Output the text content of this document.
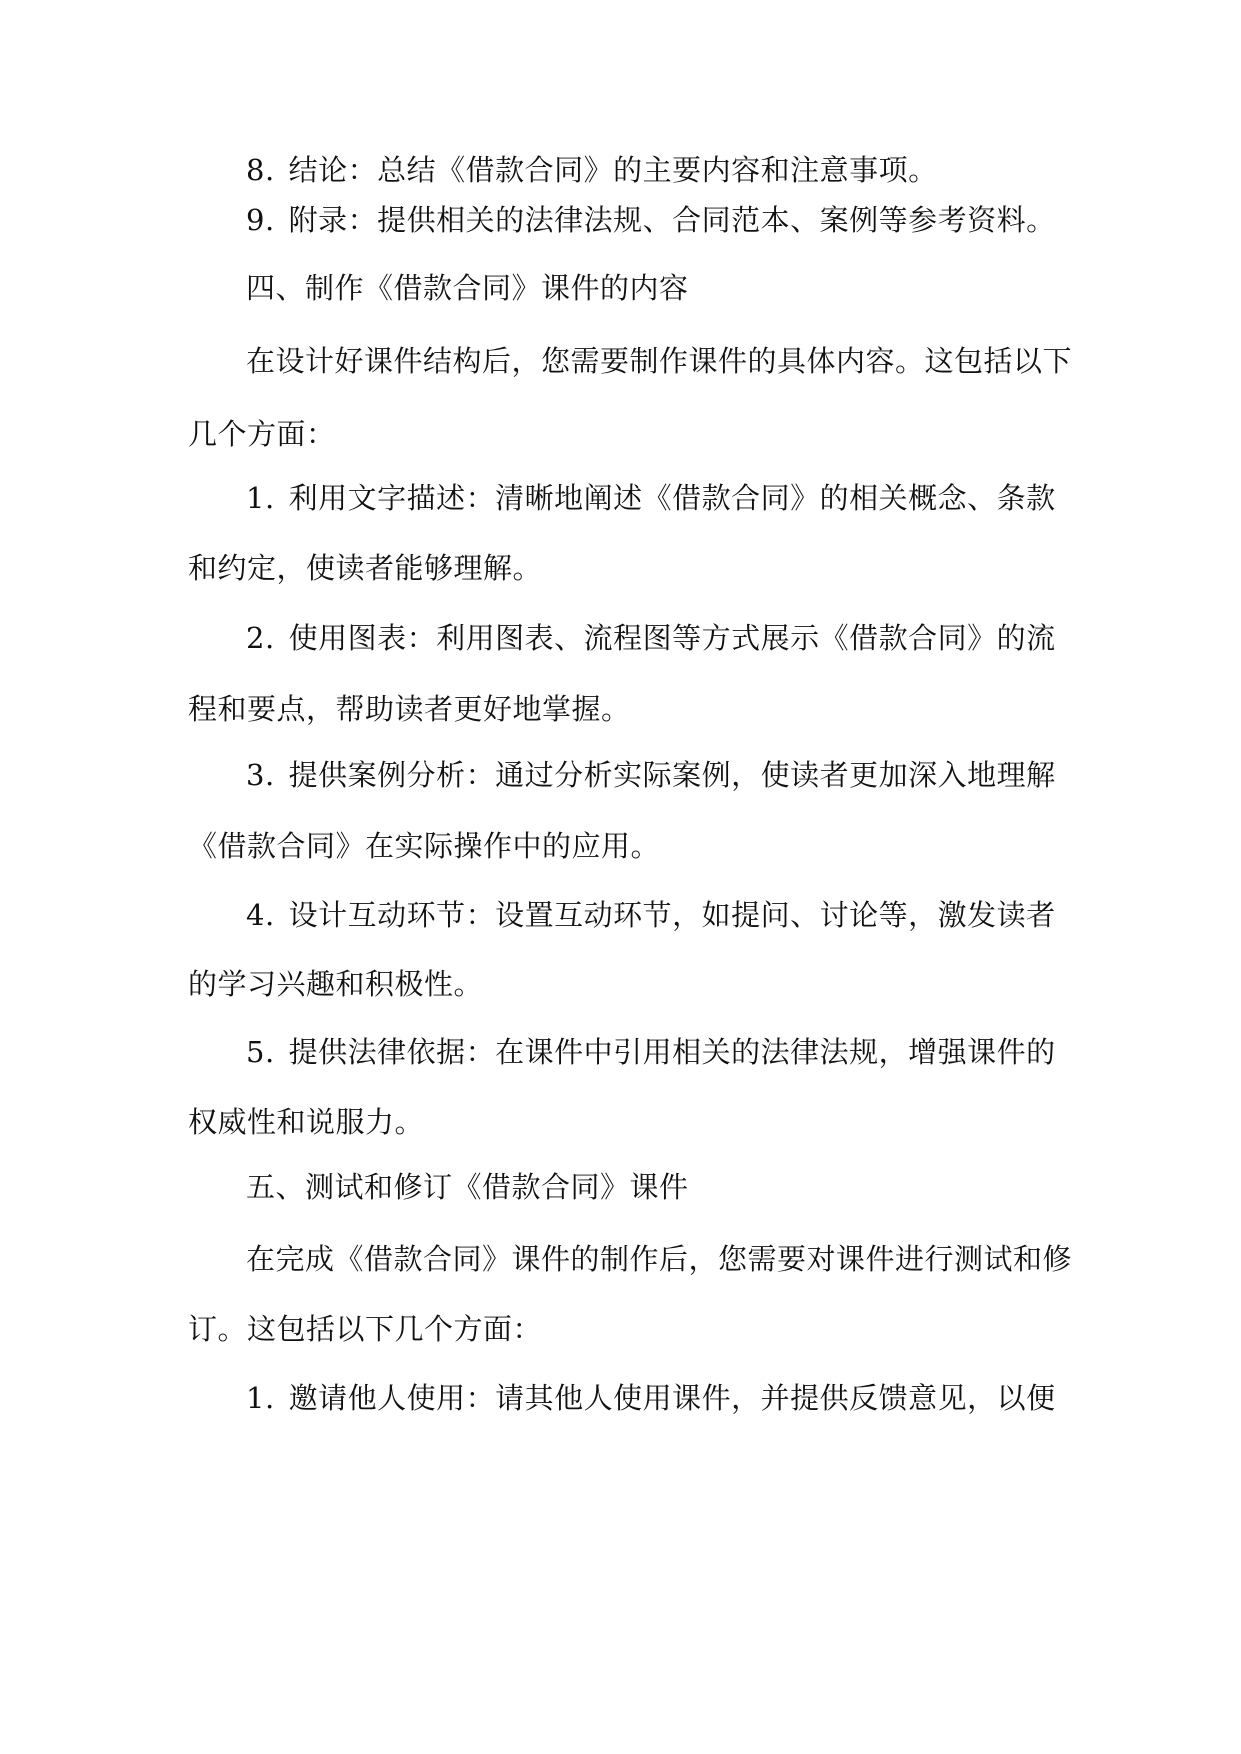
8. 结论：总结《借款合同》的主要内容和注意事项。
9. 附录：提供相关的法律法规、合同范本、案例等参考资料。
四、制作《借款合同》课件的内容
在设计好课件结构后，您需要制作课件的具体内容。这包括以下
几个方面：
1. 利用文字描述：清晰地阐述《借款合同》的相关概念、条款
和约定，使读者能够理解。
2. 使用图表：利用图表、流程图等方式展示《借款合同》的流
程和要点，帮助读者更好地掌握。
3. 提供案例分析：通过分析实际案例，使读者更加深入地理解
《借款合同》在实际操作中的应用。
4. 设计互动环节：设置互动环节，如提问、讨论等，激发读者
的学习兴趣和积极性。
5. 提供法律依据：在课件中引用相关的法律法规，增强课件的
权威性和说服力。
五、测试和修订《借款合同》课件
在完成《借款合同》课件的制作后，您需要对课件进行测试和修
订。这包括以下几个方面：
1. 邀请他人使用：请其他人使用课件，并提供反馈意见，以便
